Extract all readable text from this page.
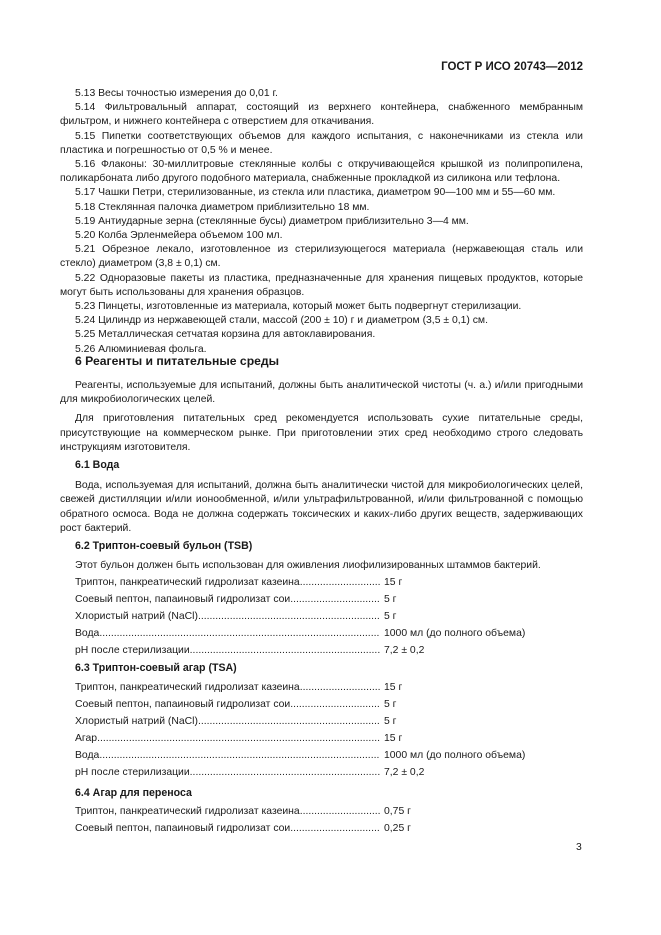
ГОСТ Р ИСО 20743—2012

5.13 Весы точностью измерения до 0,01 г.

5.14 Фильтровальный аппарат, состоящий из верхнего контейнера, снабженного мембранным фильтром, и нижнего контейнера с отверстием для откачивания.

5.15 Пипетки соответствующих объемов для каждого испытания, с наконечниками из стекла или пластика и погрешностью от 0,5 % и менее.

5.16 Флаконы: 30-миллитровые стеклянные колбы с откручивающейся крышкой из полипропилена, поликарбоната либо другого подобного материала, снабженные прокладкой из силикона или тефлона.

5.17 Чашки Петри, стерилизованные, из стекла или пластика, диаметром 90—100 мм и 55—60 мм.

5.18 Стеклянная палочка диаметром приблизительно 18 мм.

5.19 Антиударные зерна (стеклянные бусы) диаметром приблизительно 3—4 мм.

5.20 Колба Эрленмейера объемом 100 мл.

5.21 Обрезное лекало, изготовленное из стерилизующегося материала (нержавеющая сталь или стекло) диаметром (3,8 ± 0,1) см.

5.22 Одноразовые пакеты из пластика, предназначенные для хранения пищевых продуктов, которые могут быть использованы для хранения образцов.

5.23 Пинцеты, изготовленные из материала, который может быть подвергнут стерилизации.

5.24 Цилиндр из нержавеющей стали, массой (200 ± 10) г и диаметром (3,5 ± 0,1) см.

5.25 Металлическая сетчатая корзина для автоклавирования.

5.26 Алюминиевая фольга.

6 Реагенты и питательные среды

Реагенты, используемые для испытаний, должны быть аналитической чистоты (ч. а.) и/или пригодными для микробиологических целей.

Для приготовления питательных сред рекомендуется использовать сухие питательные среды, присутствующие на коммерческом рынке. При приготовлении этих сред необходимо строго следовать инструкциям изготовителя.

6.1 Вода

Вода, используемая для испытаний, должна быть аналитически чистой для микробиологических целей, свежей дистилляции и/или ионообменной, и/или ультрафильтрованной, и/или фильтрованной с помощью обратного осмоса. Вода не должна содержать токсических и каких-либо других веществ, задерживающих рост бактерий.

6.2 Триптон-соевый бульон (TSB)

Этот бульон должен быть использован для оживления лиофилизированных штаммов бактерий.

Триптон, панкреатический гидролизат казеина .....	15 г
Соевый пептон, папаиновый гидролизат сои .....	5 г
Хлористый натрий (NaCl) .....	5 г
Вода .....	1000 мл (до полного объема)
pH после стерилизации .....	7,2 ± 0,2
6.3 Триптон-соевый агар (TSA)
Триптон, панкреатический гидролизат казеина .....	15 г
Соевый пептон, папаиновый гидролизат сои .....	5 г
Хлористый натрий (NaCl) .....	5 г
Агар .....	15 г
Вода .....	1000 мл (до полного объема)
pH после стерилизации .....	7,2 ± 0,2
6.4 Агар для переноса
Триптон, панкреатический гидролизат казеина .....	0,75 г
Соевый пептон, папаиновый гидролизат сои .....	0,25 г
3
